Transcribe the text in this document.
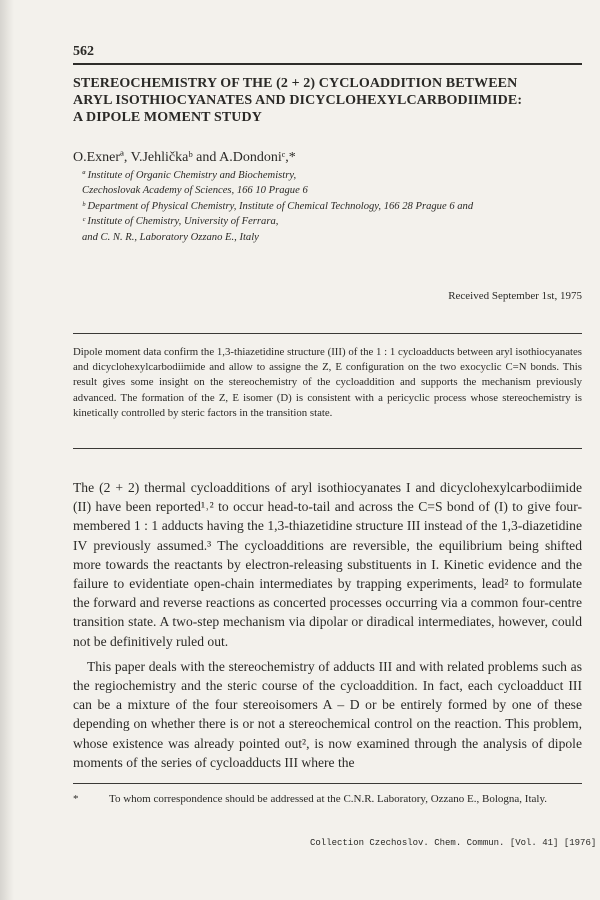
562
STEREOCHEMISTRY OF THE (2 + 2) CYCLOADDITION BETWEEN
ARYL ISOTHIOCYANATES AND DICYCLOHEXYLCARBODIIMIDE:
A DIPOLE MOMENT STUDY
O.Exnerª, V.Jehličkaᵇ and A.Dondoniᶜ,*
ª Institute of Organic Chemistry and Biochemistry,
Czechoslovak Academy of Sciences, 166 10 Prague 6
ᵇ Department of Physical Chemistry, Institute of Chemical Technology, 166 28 Prague 6 and
ᶜ Institute of Chemistry, University of Ferrara,
and C. N. R., Laboratory Ozzano E., Italy
Received September 1st, 1975

Dipole moment data confirm the 1,3-thiazetidine structure (III) of the 1 : 1 cycloadducts between aryl isothiocyanates and dicyclohexylcarbodiimide and allow to assigne the Z, E configuration on the two exocyclic C=N bonds. This result gives some insight on the stereochemistry of the cycloaddition and supports the mechanism previously advanced. The formation of the Z, E isomer (D) is consistent with a pericyclic process whose stereochemistry is kinetically controlled by steric factors in the transition state.

The (2 + 2) thermal cycloadditions of aryl isothiocyanates I and dicyclohexylcarbodiimide (II) have been reported¹˒² to occur head-to-tail and across the C=S bond of (I) to give four-membered 1 : 1 adducts having the 1,3-thiazetidine structure III instead of the 1,3-diazetidine IV previously assumed.³ The cycloadditions are reversible, the equilibrium being shifted more towards the reactants by electron-releasing substituents in I. Kinetic evidence and the failure to evidentiate open-chain intermediates by trapping experiments, lead² to formulate the forward and reverse reactions as concerted processes occurring via a common four-centre transition state. A two-step mechanism via dipolar or diradical intermediates, however, could not be definitively ruled out.

This paper deals with the stereochemistry of adducts III and with related problems such as the regiochemistry and the steric course of the cycloaddition. In fact, each cycloadduct III can be a mixture of the four stereoisomers A – D or be entirely formed by one of these depending on whether there is or not a stereochemical control on the reaction. This problem, whose existence was already pointed out², is now examined through the analysis of dipole moments of the series of cycloadducts III where the

*	To whom correspondence should be addressed at the C.N.R. Laboratory, Ozzano E., Bologna, Italy.
Collection Czechoslov. Chem. Commun. [Vol. 41] [1976]
